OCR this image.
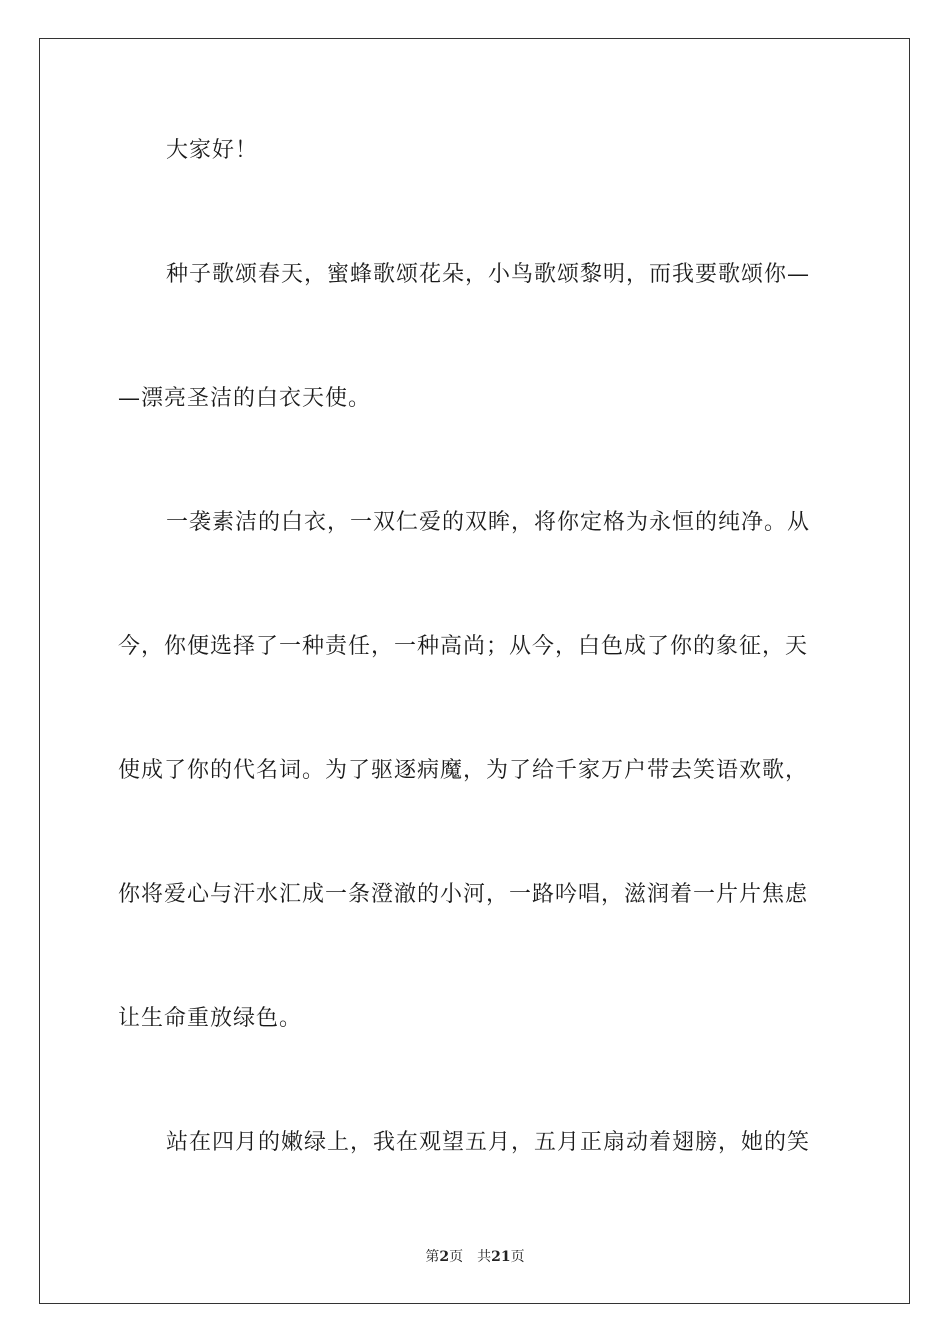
大家好！
种子歌颂春天，蜜蜂歌颂花朵，小鸟歌颂黎明，而我要歌颂你—
—漂亮圣洁的白衣天使。
一袭素洁的白衣，一双仁爱的双眸，将你定格为永恒的纯净。从
今，你便选择了一种责任，一种高尚；从今，白色成了你的象征，天
使成了你的代名词。为了驱逐病魔，为了给千家万户带去笑语欢歌，
你将爱心与汗水汇成一条澄澈的小河，一路吟唱，滋润着一片片焦虑
让生命重放绿色。
站在四月的嫩绿上，我在观望五月，五月正扇动着翅膀，她的笑
第2页 共21页
